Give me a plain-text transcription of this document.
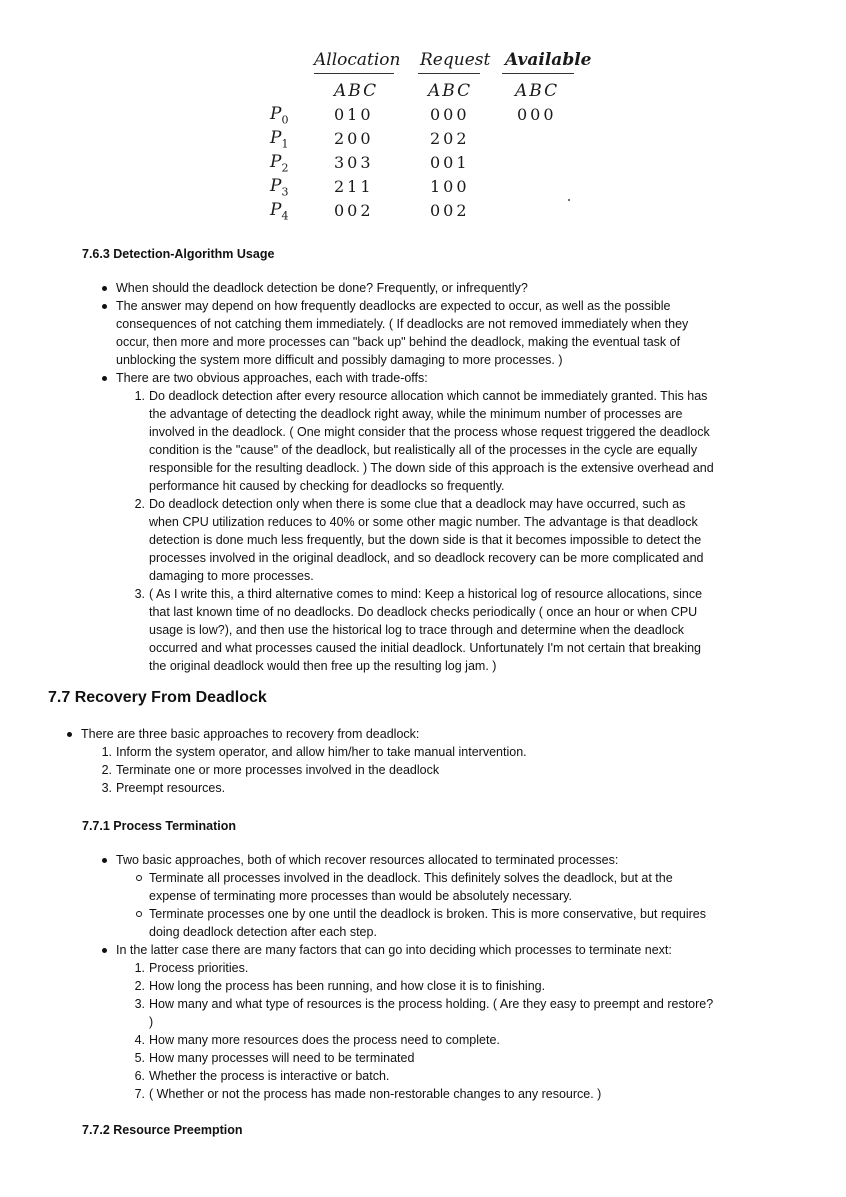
Allocation Request Available
ABC	ABC	ABC
$P_0$	010	000	000
$P_1$	200	202
$P_2$	303	001
$P_3$	211	100
$P_4$	002	002
7.6.3 Detection-Algorithm Usage
When should the deadlock detection be done? Frequently, or infrequently?
The answer may depend on how frequently deadlocks are expected to occur, as well as the possible
consequences of not catching them immediately. ( If deadlocks are not removed immediately when they
occur, then more and more processes can "back up" behind the deadlock, making the eventual task of
unblocking the system more difficult and possibly damaging to more processes. )
There are two obvious approaches, each with trade-offs:
1. Do deadlock detection after every resource allocation which cannot be immediately granted. This has
the advantage of detecting the deadlock right away, while the minimum number of processes are
involved in the deadlock. ( One might consider that the process whose request triggered the deadlock
condition is the "cause" of the deadlock, but realistically all of the processes in the cycle are equally
responsible for the resulting deadlock. ) The down side of this approach is the extensive overhead and
performance hit caused by checking for deadlocks so frequently.
2. Do deadlock detection only when there is some clue that a deadlock may have occurred, such as
when CPU utilization reduces to 40% or some other magic number. The advantage is that deadlock
detection is done much less frequently, but the down side is that it becomes impossible to detect the
processes involved in the original deadlock, and so deadlock recovery can be more complicated and
damaging to more processes.
3. ( As I write this, a third alternative comes to mind: Keep a historical log of resource allocations, since
that last known time of no deadlocks. Do deadlock checks periodically ( once an hour or when CPU
usage is low?), and then use the historical log to trace through and determine when the deadlock
occurred and what processes caused the initial deadlock. Unfortunately I'm not certain that breaking
the original deadlock would then free up the resulting log jam. )
7.7 Recovery From Deadlock
There are three basic approaches to recovery from deadlock:
1. Inform the system operator, and allow him/her to take manual intervention.
2. Terminate one or more processes involved in the deadlock
3. Preempt resources.
7.7.1 Process Termination
Two basic approaches, both of which recover resources allocated to terminated processes:
Terminate all processes involved in the deadlock. This definitely solves the deadlock, but at the
expense of terminating more processes than would be absolutely necessary.
Terminate processes one by one until the deadlock is broken. This is more conservative, but requires
doing deadlock detection after each step.
In the latter case there are many factors that can go into deciding which processes to terminate next:
1. Process priorities.
2. How long the process has been running, and how close it is to finishing.
3. How many and what type of resources is the process holding. ( Are they easy to preempt and restore?
)
4. How many more resources does the process need to complete.
5. How many processes will need to be terminated
6. Whether the process is interactive or batch.
7. ( Whether or not the process has made non-restorable changes to any resource. )
7.7.2 Resource Preemption
